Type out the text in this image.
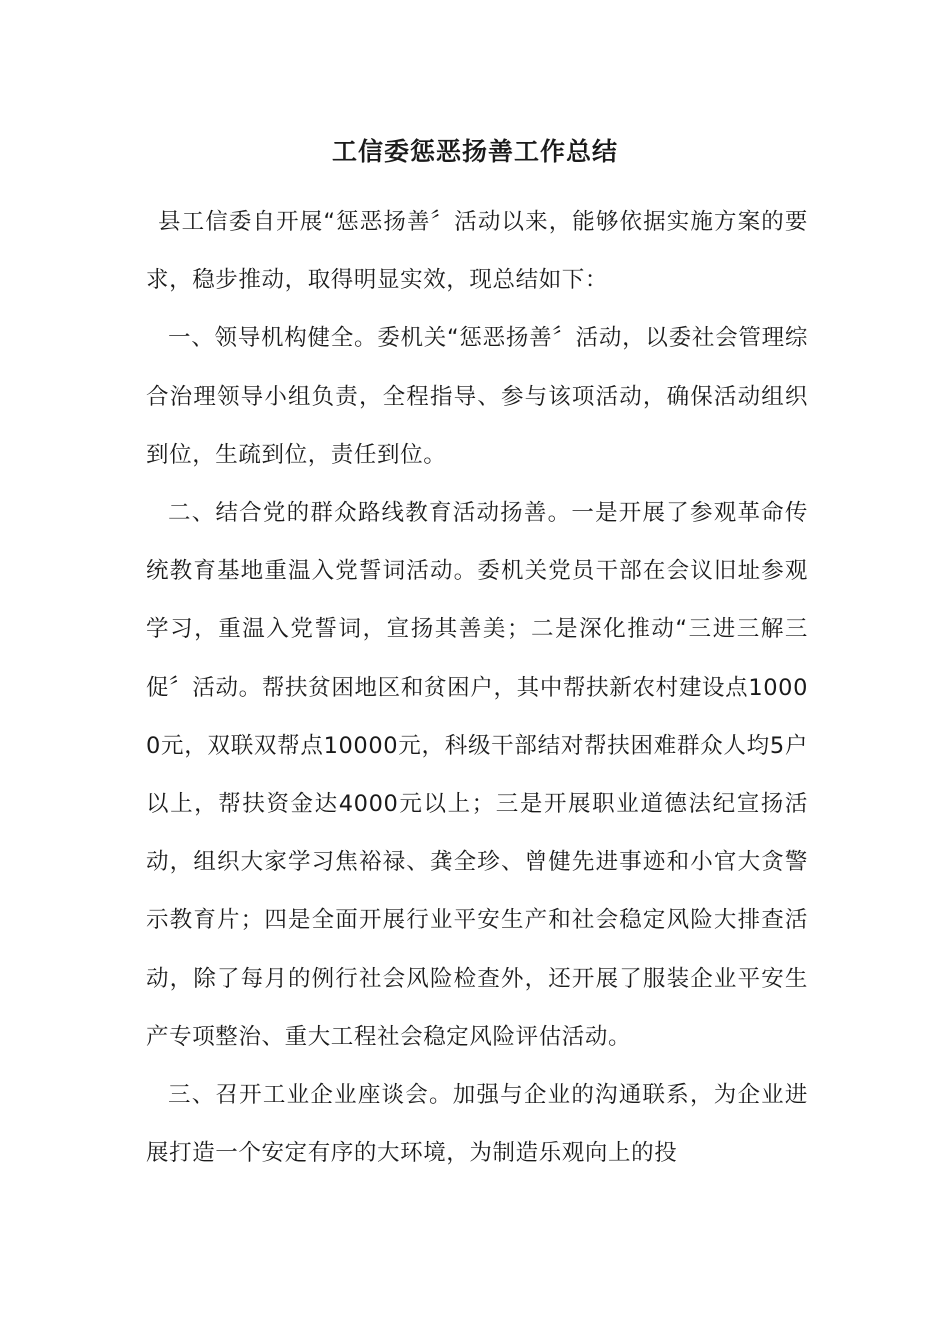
工信委惩恶扬善工作总结

县工信委自开展“惩恶扬善〞活动以来，能够依据实施方案的要求，稳步推动，取得明显实效，现总结如下：

一、领导机构健全。委机关“惩恶扬善〞活动，以委社会管理综合治理领导小组负责，全程指导、参与该项活动，确保活动组织到位，生疏到位，责任到位。

二、结合党的群众路线教育活动扬善。一是开展了参观革命传统教育基地重温入党誓词活动。委机关党员干部在会议旧址参观学习，重温入党誓词，宣扬其善美；二是深化推动“三进三解三促〞活动。帮扶贫困地区和贫困户，其中帮扶新农村建设点10000元，双联双帮点10000元，科级干部结对帮扶困难群众人均5户以上，帮扶资金达4000元以上；三是开展职业道德法纪宣扬活动，组织大家学习焦裕禄、龚全珍、曾健先进事迹和小官大贪警示教育片；四是全面开展行业平安生产和社会稳定风险大排查活动，除了每月的例行社会风险检查外，还开展了服装企业平安生产专项整治、重大工程社会稳定风险评估活动。

三、召开工业企业座谈会。加强与企业的沟通联系，为企业进展打造一个安定有序的大环境，为制造乐观向上的投
